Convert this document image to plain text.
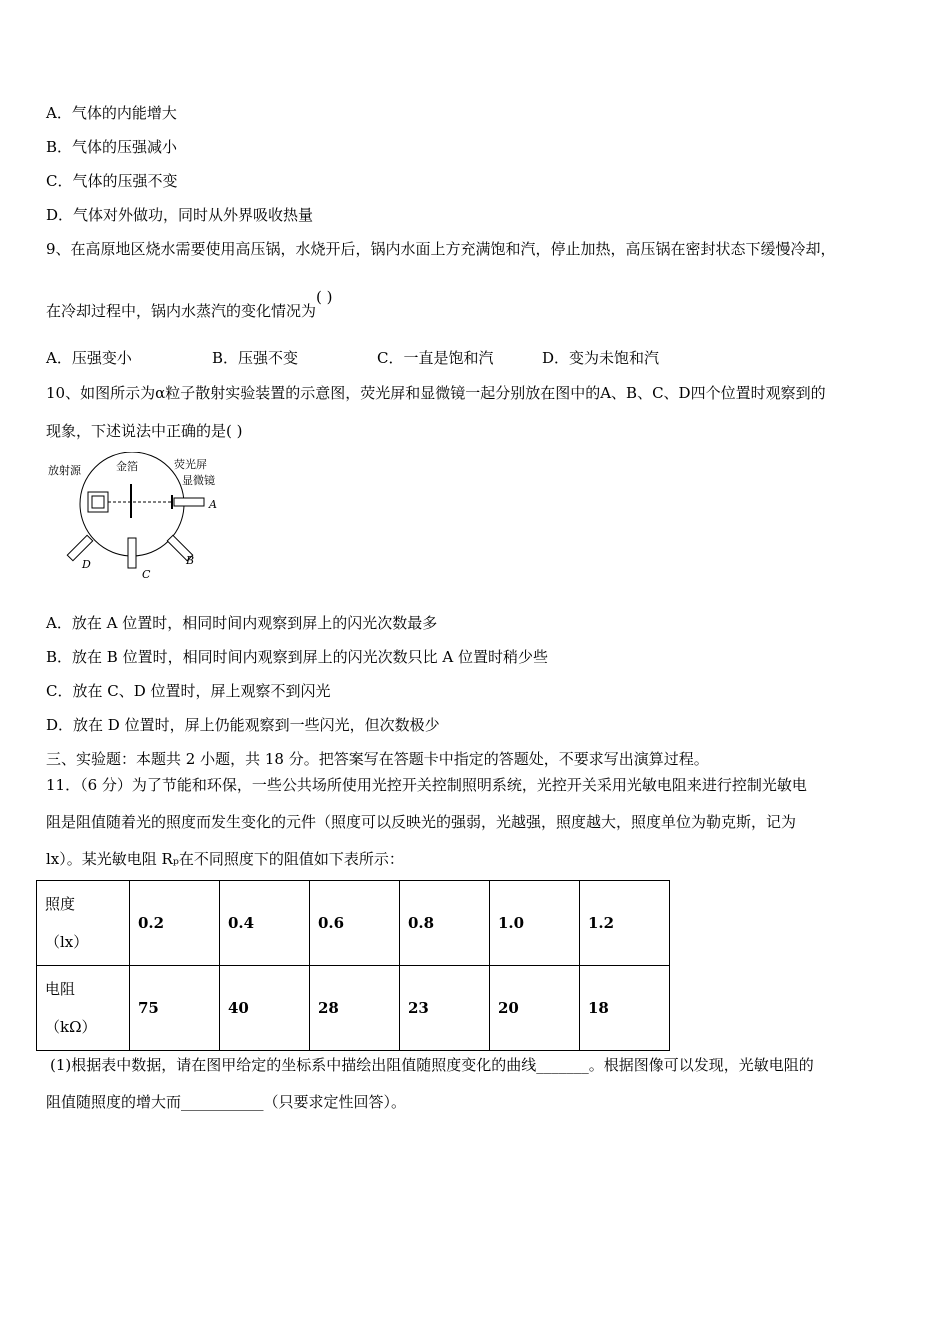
A．气体的内能增大
B．气体的压强减小
C．气体的压强不变
D．气体对外做功，同时从外界吸收热量
9、在高原地区烧水需要使用高压锅，水烧开后，锅内水面上方充满饱和汽，停止加热，高压锅在密封状态下缓慢冷却，
在冷却过程中，锅内水蒸汽的变化情况为( )
A．压强变小	B．压强不变	C．一直是饱和汽	D．变为未饱和汽
10、如图所示为α粒子散射实验装置的示意图，荧光屏和显微镜一起分别放在图中的A、B、C、D四个位置时观察到的
现象，下述说法中正确的是( )
放射源	金箔	荧光屏
显微镜
A
D
C
B
A．放在 A 位置时，相同时间内观察到屏上的闪光次数最多
B．放在 B 位置时，相同时间内观察到屏上的闪光次数只比 A 位置时稍少些
C．放在 C、D 位置时，屏上观察不到闪光
D．放在 D 位置时，屏上仍能观察到一些闪光，但次数极少
三、实验题：本题共 2 小题，共 18 分。把答案写在答题卡中指定的答题处，不要求写出演算过程。
11．（6 分）为了节能和环保，一些公共场所使用光控开关控制照明系统，光控开关采用光敏电阻来进行控制光敏电
阻是阻值随着光的照度而发生变化的元件（照度可以反映光的强弱，光越强，照度越大，照度单位为勒克斯，记为
lx）。某光敏电阻 Rₚ在不同照度下的阻值如下表所示：
照度
（lx）	0.2	0.4	0.6	0.8	1.0	1.2
电阻
（kΩ）	75	40	28	23	20	18
(1)根据表中数据，请在图甲给定的坐标系中描绘出阻值随照度变化的曲线_______。根据图像可以发现，光敏电阻的
阻值随照度的增大而___________（只要求定性回答）。
